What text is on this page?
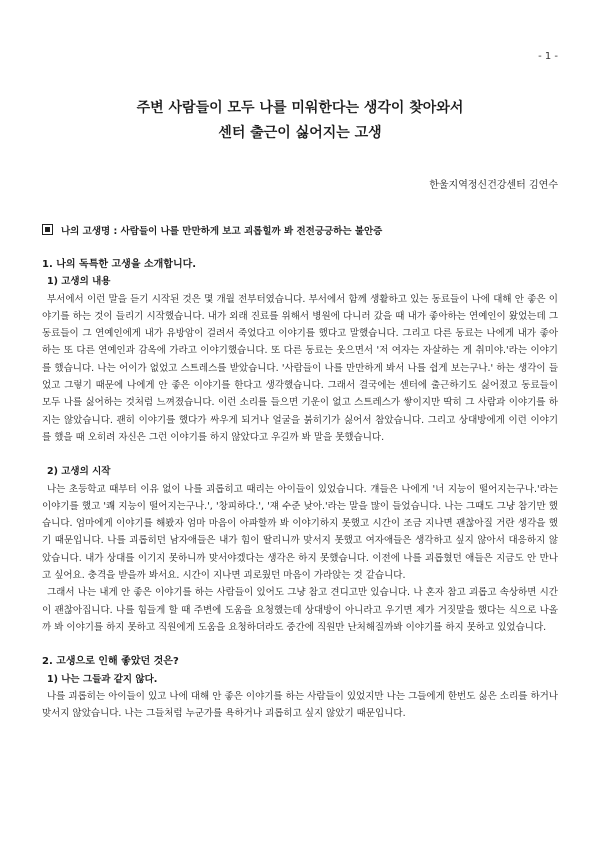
- 1 -
주변 사람들이 모두 나를 미워한다는 생각이 찾아와서
센터 출근이 싫어지는 고생
한울지역정신건강센터 김연수
나의 고생명 : 사람들이 나를 만만하게 보고 괴롭힐까 봐 전전긍긍하는 불안증

1. 나의 독특한 고생을 소개합니다.

1) 고생의 내용

부서에서 이런 말을 듣기 시작된 것은 몇 개월 전부터였습니다. 부서에서 함께 생활하고 있는 동료들이 나에 대해 안 좋은 이야기를 하는 것이 들리기 시작했습니다. 내가 외래 진료를 위해서 병원에 다니러 갔을 때 내가 좋아하는 연예인이 왔었는데 그 동료들이 그 연예인에게 내가 유방암이 걸려서 죽었다고 이야기를 했다고 말했습니다. 그리고 다른 동료는 나에게 내가 좋아하는 또 다른 연예인과 감옥에 가라고 이야기했습니다. 또 다른 동료는 웃으면서 '저 여자는 자살하는 게 취미야.'라는 이야기를 했습니다. 나는 어이가 없었고 스트레스를 받았습니다. '사람들이 나를 만만하게 봐서 나를 쉽게 보는구나.' 하는 생각이 들었고 그렇기 때문에 나에게 안 좋은 이야기를 한다고 생각했습니다. 그래서 결국에는 센터에 출근하기도 싫어졌고 동료들이 모두 나를 싫어하는 것처럼 느껴졌습니다. 이런 소리를 들으면 기운이 없고 스트레스가 쌓이지만 딱히 그 사람과 이야기를 하지는 않았습니다. 괜히 이야기를 했다가 싸우게 되거나 얼굴을 붉히기가 싫어서 참았습니다. 그리고 상대방에게 이런 이야기를 했을 때 오히려 자신은 그런 이야기를 하지 않았다고 우길까 봐 말을 못했습니다.

2) 고생의 시작

나는 초등학교 때부터 이유 없이 나를 괴롭히고 때리는 아이들이 있었습니다. 걔들은 나에게 '너 지능이 떨어지는구나.'라는 이야기를 했고 '쾌 지능이 떨어지는구나.', '창피하다.', '쟤 수준 낮아.'라는 말을 많이 들었습니다. 나는 그때도 그냥 참기만 했습니다. 엄마에게 이야기를 해봤자 엄마 마음이 아파할까 봐 이야기하지 못했고 시간이 조금 지나면 괜찮아질 거란 생각을 했기 때문입니다. 나를 괴롭히던 남자애들은 내가 힘이 딸리니까 맞서지 못했고 여자애들은 생각하고 싶지 않아서 대응하지 않았습니다. 내가 상대를 이기지 못하니까 맞서야겠다는 생각은 하지 못했습니다. 이전에 나를 괴롭혔던 애들은 지금도 안 만나고 싶어요. 충격을 받을까 봐서요. 시간이 지나면 괴로웠던 마음이 가라앉는 것 같습니다.

그래서 나는 내게 안 좋은 이야기를 하는 사람들이 있어도 그냥 참고 견디고만 있습니다. 나 혼자 참고 괴롭고 속상하면 시간이 괜찮아집니다. 나를 힘들게 할 때 주변에 도움을 요청했는데 상대방이 아니라고 우기면 제가 거짓말을 했다는 식으로 나올까 봐 이야기를 하지 못하고 직원에게 도움을 요청하더라도 중간에 직원만 난처해질까봐 이야기를 하지 못하고 있었습니다.

2. 고생으로 인해 좋았던 것은?

1) 나는 그들과 같지 않다.

나를 괴롭히는 아이들이 있고 나에 대해 안 좋은 이야기를 하는 사람들이 있었지만 나는 그들에게 한번도 싫은 소리를 하거나 맞서지 않았습니다. 나는 그들처럼 누군가를 욕하거나 괴롭히고 싶지 않았기 때문입니다.
